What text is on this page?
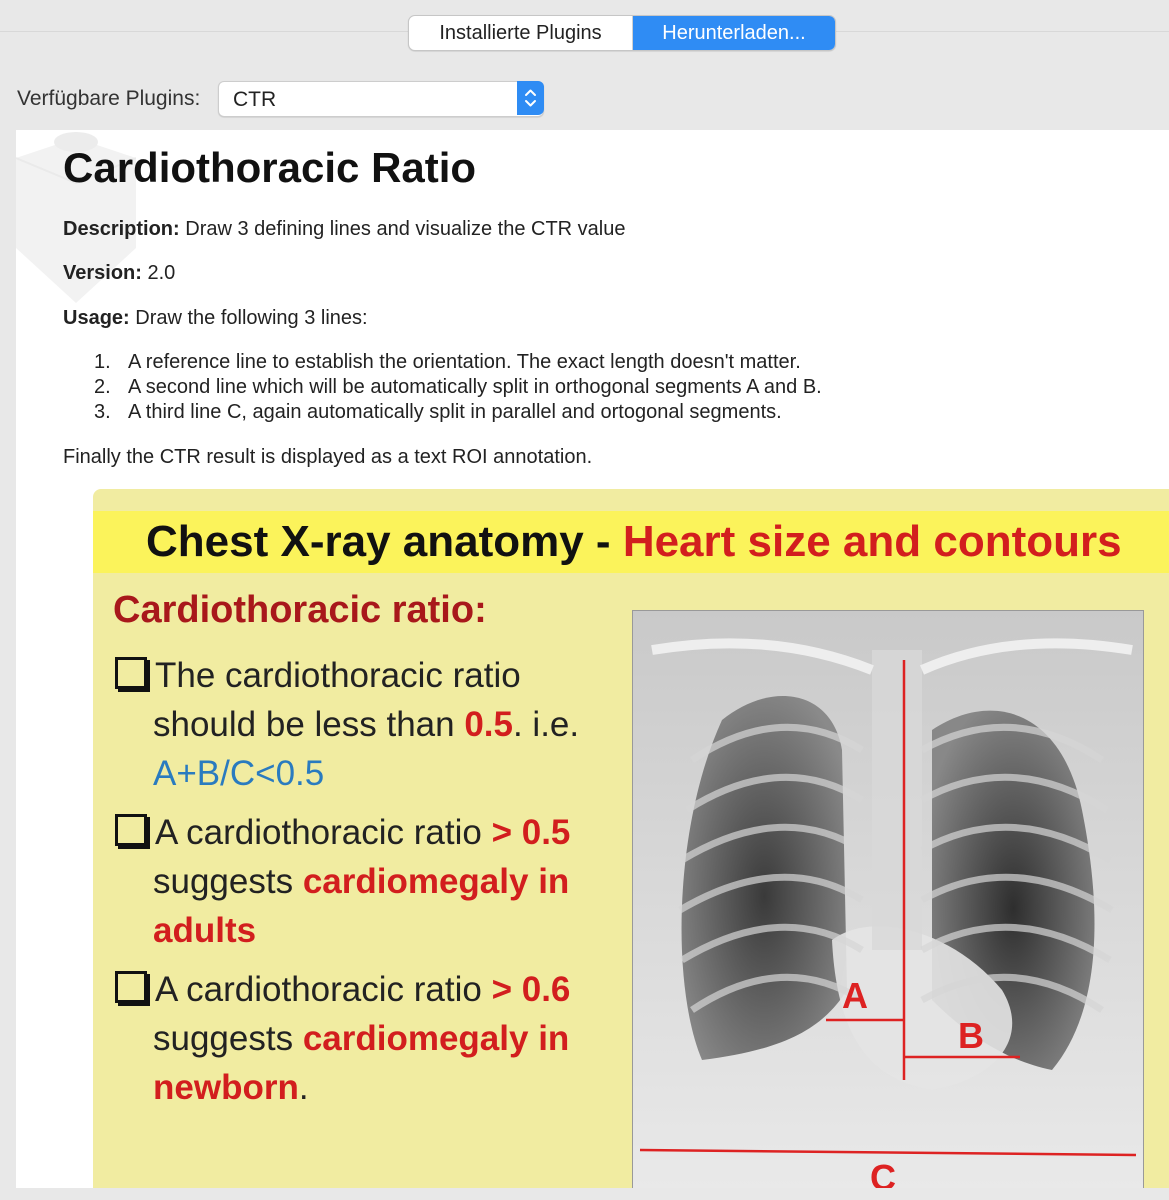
Installierte Plugins	Herunterladen...
Verfügbare Plugins: CTR
Cardiothoracic Ratio
Description: Draw 3 defining lines and visualize the CTR value
Version: 2.0
Usage: Draw the following 3 lines:
1. A reference line to establish the orientation. The exact length doesn't matter.
2. A second line which will be automatically split in orthogonal segments A and B.
3. A third line C, again automatically split in parallel and ortogonal segments.
Finally the CTR result is displayed as a text ROI annotation.
Chest X-ray anatomy - Heart size and contours
Cardiothoracic ratio:
The cardiothoracic ratio
should be less than 0.5. i.e.
A+B/C<0.5
A cardiothoracic ratio > 0.5
suggests cardiomegaly in
adults
A cardiothoracic ratio > 0.6
suggests cardiomegaly in
newborn.
A
B
C
